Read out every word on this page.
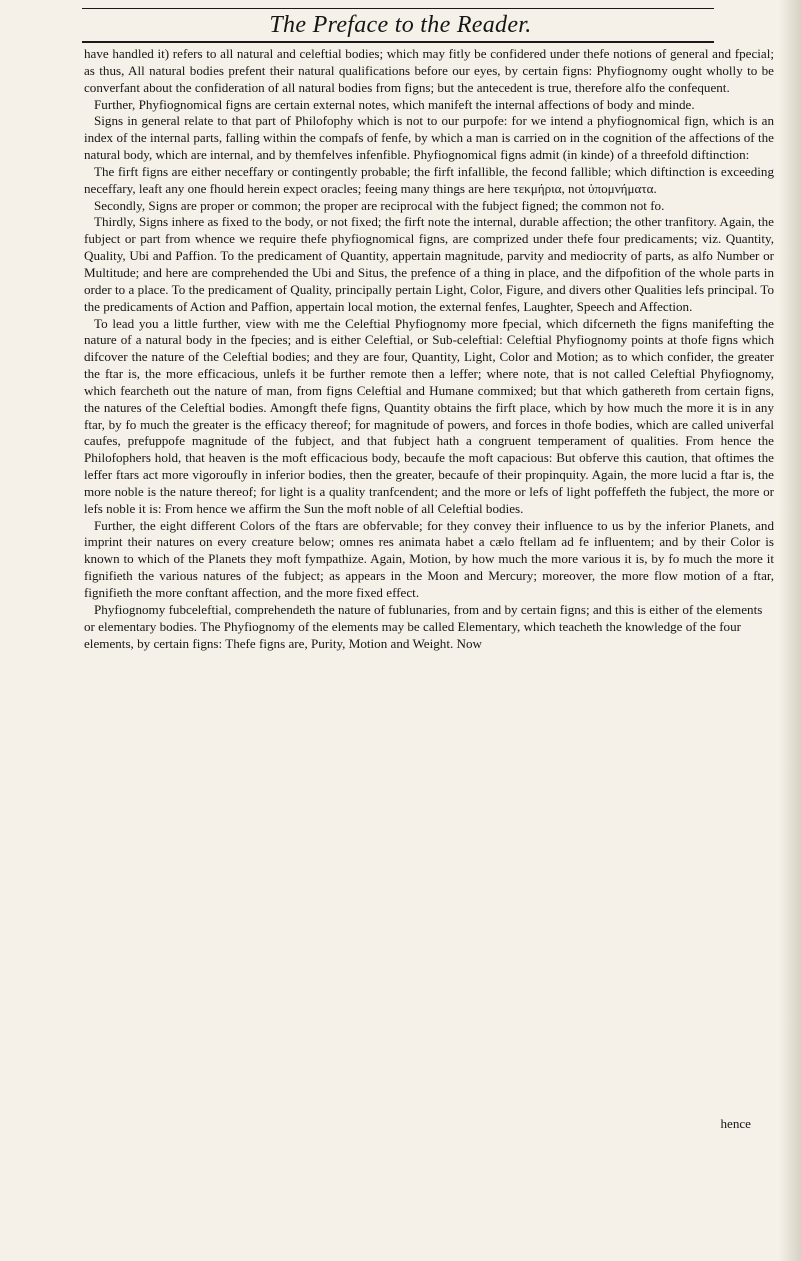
The Preface to the Reader.

have handled it) refers to all natural and celeftial bodies; which may fitly be confidered under thefe notions of general and fpecial; as thus, All natural bodies prefent their natural qualifications before our eyes, by certain figns: Phyfiognomy ought wholly to be converfant about the confideration of all natural bodies from figns; but the antecedent is true, therefore alfo the confequent.

Further, Phyfiognomical figns are certain external notes, which manifeft the internal affections of body and minde.

Signs in general relate to that part of Philofophy which is not to our purpofe: for we intend a phyfiognomical fign, which is an index of the internal parts, falling within the compafs of fenfe, by which a man is carried on in the cognition of the affections of the natural body, which are internal, and by themfelves infenfible. Phyfiognomical figns admit (in kinde) of a threefold diftinction:

The firft figns are either neceffary or contingently probable; the firft infallible, the fecond fallible; which diftinction is exceeding neceffary, leaft any one fhould herein expect oracles; feeing many things are here τεκμήρια, not ὑπομνήματα.

Secondly, Signs are proper or common; the proper are reciprocal with the fubject figned; the common not fo.

Thirdly, Signs inhere as fixed to the body, or not fixed; the firft note the internal, durable affection; the other tranfitory. Again, the fubject or part from whence we require thefe phyfiognomical figns, are comprized under thefe four predicaments; viz. Quantity, Quality, Ubi and Paffion. To the predicament of Quantity, appertain magnitude, parvity and mediocrity of parts, as alfo Number or Multitude; and here are comprehended the Ubi and Situs, the prefence of a thing in place, and the difpofition of the whole parts in order to a place. To the predicament of Quality, principally pertain Light, Color, Figure, and divers other Qualities lefs principal. To the predicaments of Action and Paffion, appertain local motion, the external fenfes, Laughter, Speech and Affection.

To lead you a little further, view with me the Celeftial Phyfiognomy more fpecial, which difcerneth the figns manifefting the nature of a natural body in the fpecies; and is either Celeftial, or Sub-celeftial: Celeftial Phyfiognomy points at thofe figns which difcover the nature of the Celeftial bodies; and they are four, Quantity, Light, Color and Motion; as to which confider, the greater the ftar is, the more efficacious, unlefs it be further remote then a leffer; where note, that is not called Celeftial Phyfiognomy, which fearcheth out the nature of man, from figns Celeftial and Humane commixed; but that which gathereth from certain figns, the natures of the Celeftial bodies. Amongft thefe figns, Quantity obtains the firft place, which by how much the more it is in any ftar, by fo much the greater is the efficacy thereof; for magnitude of powers, and forces in thofe bodies, which are called univerfal caufes, prefuppofe magnitude of the fubject, and that fubject hath a congruent temperament of qualities. From hence the Philofophers hold, that heaven is the moft efficacious body, becaufe the moft capacious: But obferve this caution, that oftimes the leffer ftars act more vigoroufly in inferior bodies, then the greater, becaufe of their propinquity. Again, the more lucid a ftar is, the more noble is the nature thereof; for light is a quality tranfcendent; and the more or lefs of light poffeffeth the fubject, the more or lefs noble it is: From hence we affirm the Sun the moft noble of all Celeftial bodies.

Further, the eight different Colors of the ftars are obfervable; for they convey their influence to us by the inferior Planets, and imprint their natures on every creature below; omnes res animata habet a cælo ftellam ad fe influentem; and by their Color is known to which of the Planets they moft fympathize. Again, Motion, by how much the more various it is, by fo much the more it fignifieth the various natures of the fubject; as appears in the Moon and Mercury; moreover, the more flow motion of a ftar, fignifieth the more conftant affection, and the more fixed effect.

Phyfiognomy fubceleftial, comprehendeth the nature of fublunaries, from and by certain figns; and this is either of the elements or elementary bodies. The Phyfiognomy of the elements may be called Elementary, which teacheth the knowledge of the four elements, by certain figns: Thefe figns are, Purity, Motion and Weight. Now

hence
